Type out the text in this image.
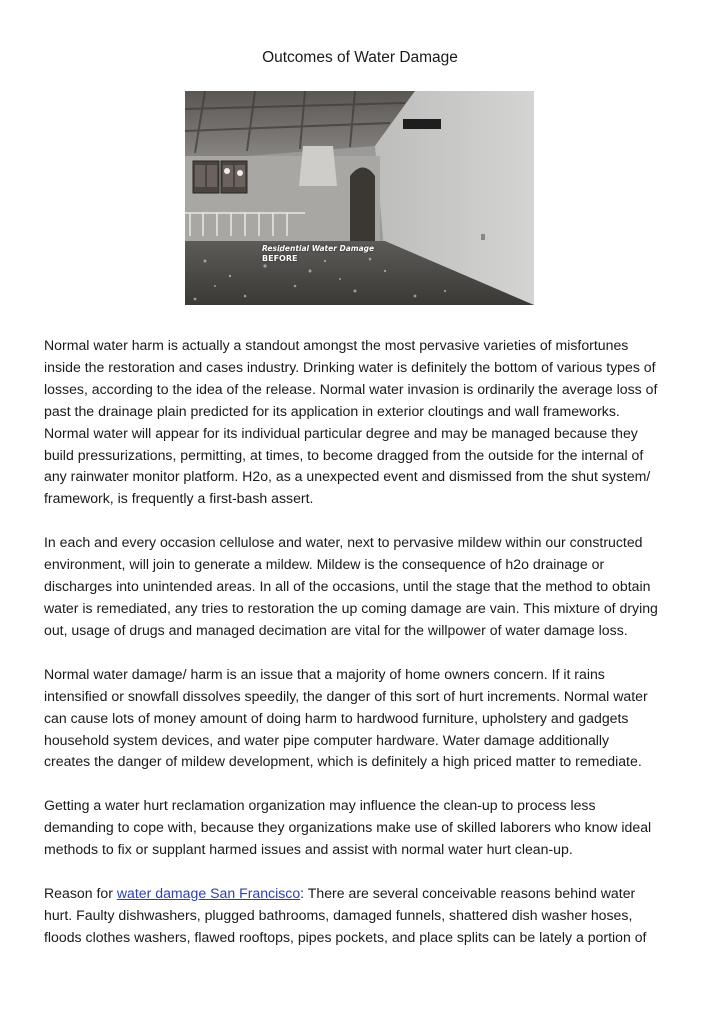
Outcomes of Water Damage
Residential Water Damage
BEFORE

Normal water harm is actually a standout amongst the most pervasive varieties of misfortunes
inside the restoration and cases industry. Drinking water is definitely the bottom of various types of
losses, according to the idea of the release. Normal water invasion is ordinarily the average loss of
past the drainage plain predicted for its application in exterior cloutings and wall frameworks.
Normal water will appear for its individual particular degree and may be managed because they
build pressurizations, permitting, at times, to become dragged from the outside for the internal of
any rainwater monitor platform. H2o, as a unexpected event and dismissed from the shut system/
framework, is frequently a first-bash assert.

In each and every occasion cellulose and water, next to pervasive mildew within our constructed
environment, will join to generate a mildew. Mildew is the consequence of h2o drainage or
discharges into unintended areas. In all of the occasions, until the stage that the method to obtain
water is remediated, any tries to restoration the up coming damage are vain. This mixture of drying
out, usage of drugs and managed decimation are vital for the willpower of water damage loss.

Normal water damage/ harm is an issue that a majority of home owners concern. If it rains
intensified or snowfall dissolves speedily, the danger of this sort of hurt increments. Normal water
can cause lots of money amount of doing harm to hardwood furniture, upholstery and gadgets
household system devices, and water pipe computer hardware. Water damage additionally
creates the danger of mildew development, which is definitely a high priced matter to remediate.

Getting a water hurt reclamation organization may influence the clean-up to process less
demanding to cope with, because they organizations make use of skilled laborers who know ideal
methods to fix or supplant harmed issues and assist with normal water hurt clean-up.

Reason for water damage San Francisco: There are several conceivable reasons behind water
hurt. Faulty dishwashers, plugged bathrooms, damaged funnels, shattered dish washer hoses,
floods clothes washers, flawed rooftops, pipes pockets, and place splits can be lately a portion of
